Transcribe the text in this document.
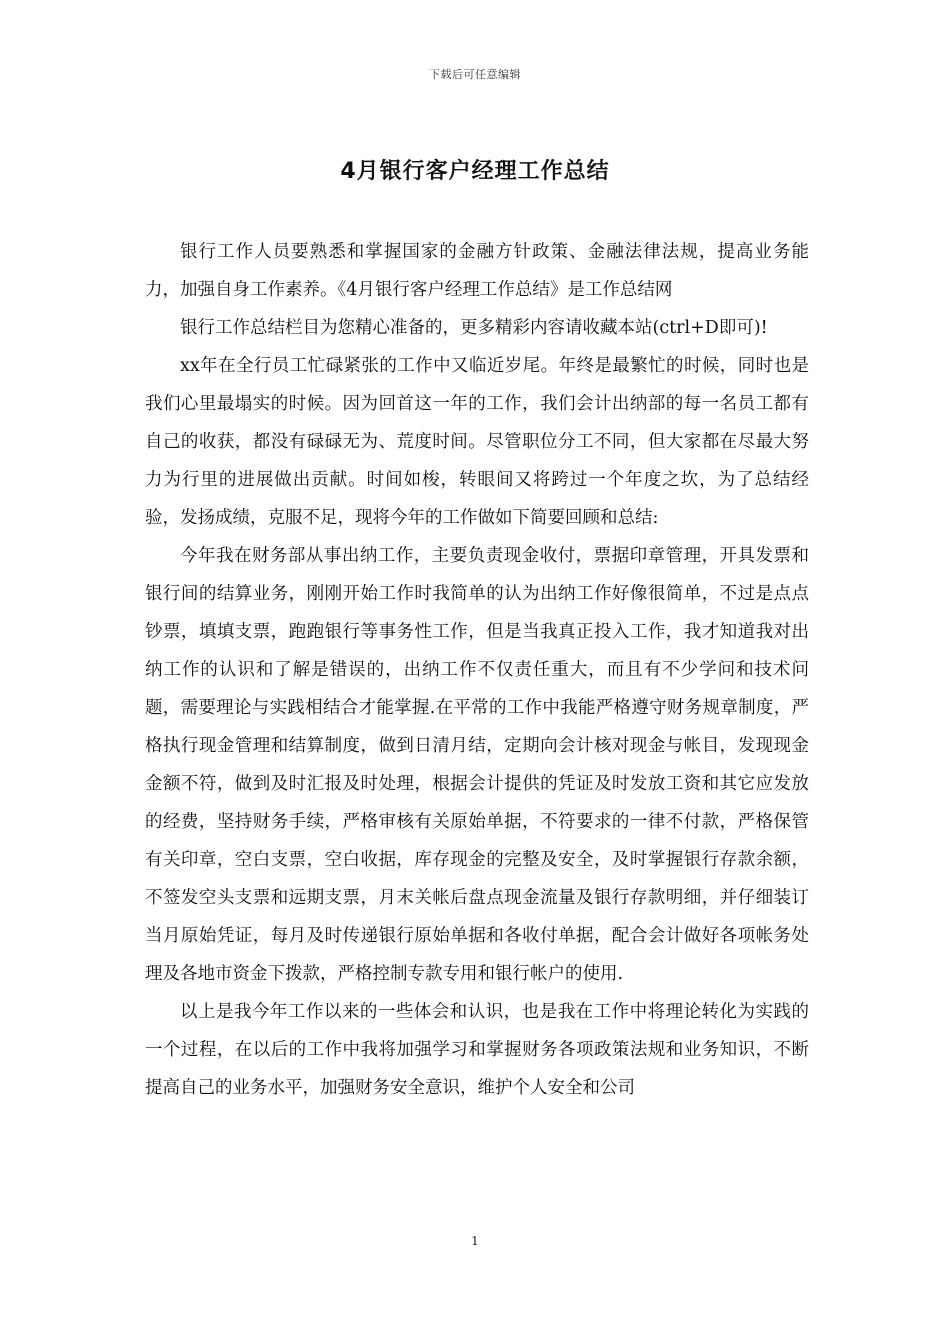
下载后可任意编辑
4月银行客户经理工作总结

银行工作人员要熟悉和掌握国家的金融方针政策、金融法律法规，提高业务能力，加强自身工作素养。《4月银行客户经理工作总结》是工作总结网

银行工作总结栏目为您精心准备的，更多精彩内容请收藏本站(ctrl+D即可)!

xx年在全行员工忙碌紧张的工作中又临近岁尾。年终是最繁忙的时候，同时也是我们心里最塌实的时候。因为回首这一年的工作，我们会计出纳部的每一名员工都有自己的收获，都没有碌碌无为、荒度时间。尽管职位分工不同，但大家都在尽最大努力为行里的进展做出贡献。时间如梭，转眼间又将跨过一个年度之坎，为了总结经验，发扬成绩，克服不足，现将今年的工作做如下简要回顾和总结:

今年我在财务部从事出纳工作，主要负责现金收付，票据印章管理，开具发票和银行间的结算业务，刚刚开始工作时我简单的认为出纳工作好像很简单，不过是点点钞票，填填支票，跑跑银行等事务性工作，但是当我真正投入工作，我才知道我对出纳工作的认识和了解是错误的，出纳工作不仅责任重大，而且有不少学问和技术问题，需要理论与实践相结合才能掌握.在平常的工作中我能严格遵守财务规章制度，严格执行现金管理和结算制度，做到日清月结，定期向会计核对现金与帐目，发现现金金额不符，做到及时汇报及时处理，根据会计提供的凭证及时发放工资和其它应发放的经费，坚持财务手续，严格审核有关原始单据，不符要求的一律不付款，严格保管有关印章，空白支票，空白收据，库存现金的完整及安全，及时掌握银行存款余额，不签发空头支票和远期支票，月末关帐后盘点现金流量及银行存款明细，并仔细装订当月原始凭证，每月及时传递银行原始单据和各收付单据，配合会计做好各项帐务处理及各地市资金下拨款，严格控制专款专用和银行帐户的使用.

以上是我今年工作以来的一些体会和认识，也是我在工作中将理论转化为实践的一个过程，在以后的工作中我将加强学习和掌握财务各项政策法规和业务知识，不断提高自己的业务水平，加强财务安全意识，维护个人安全和公司

1
